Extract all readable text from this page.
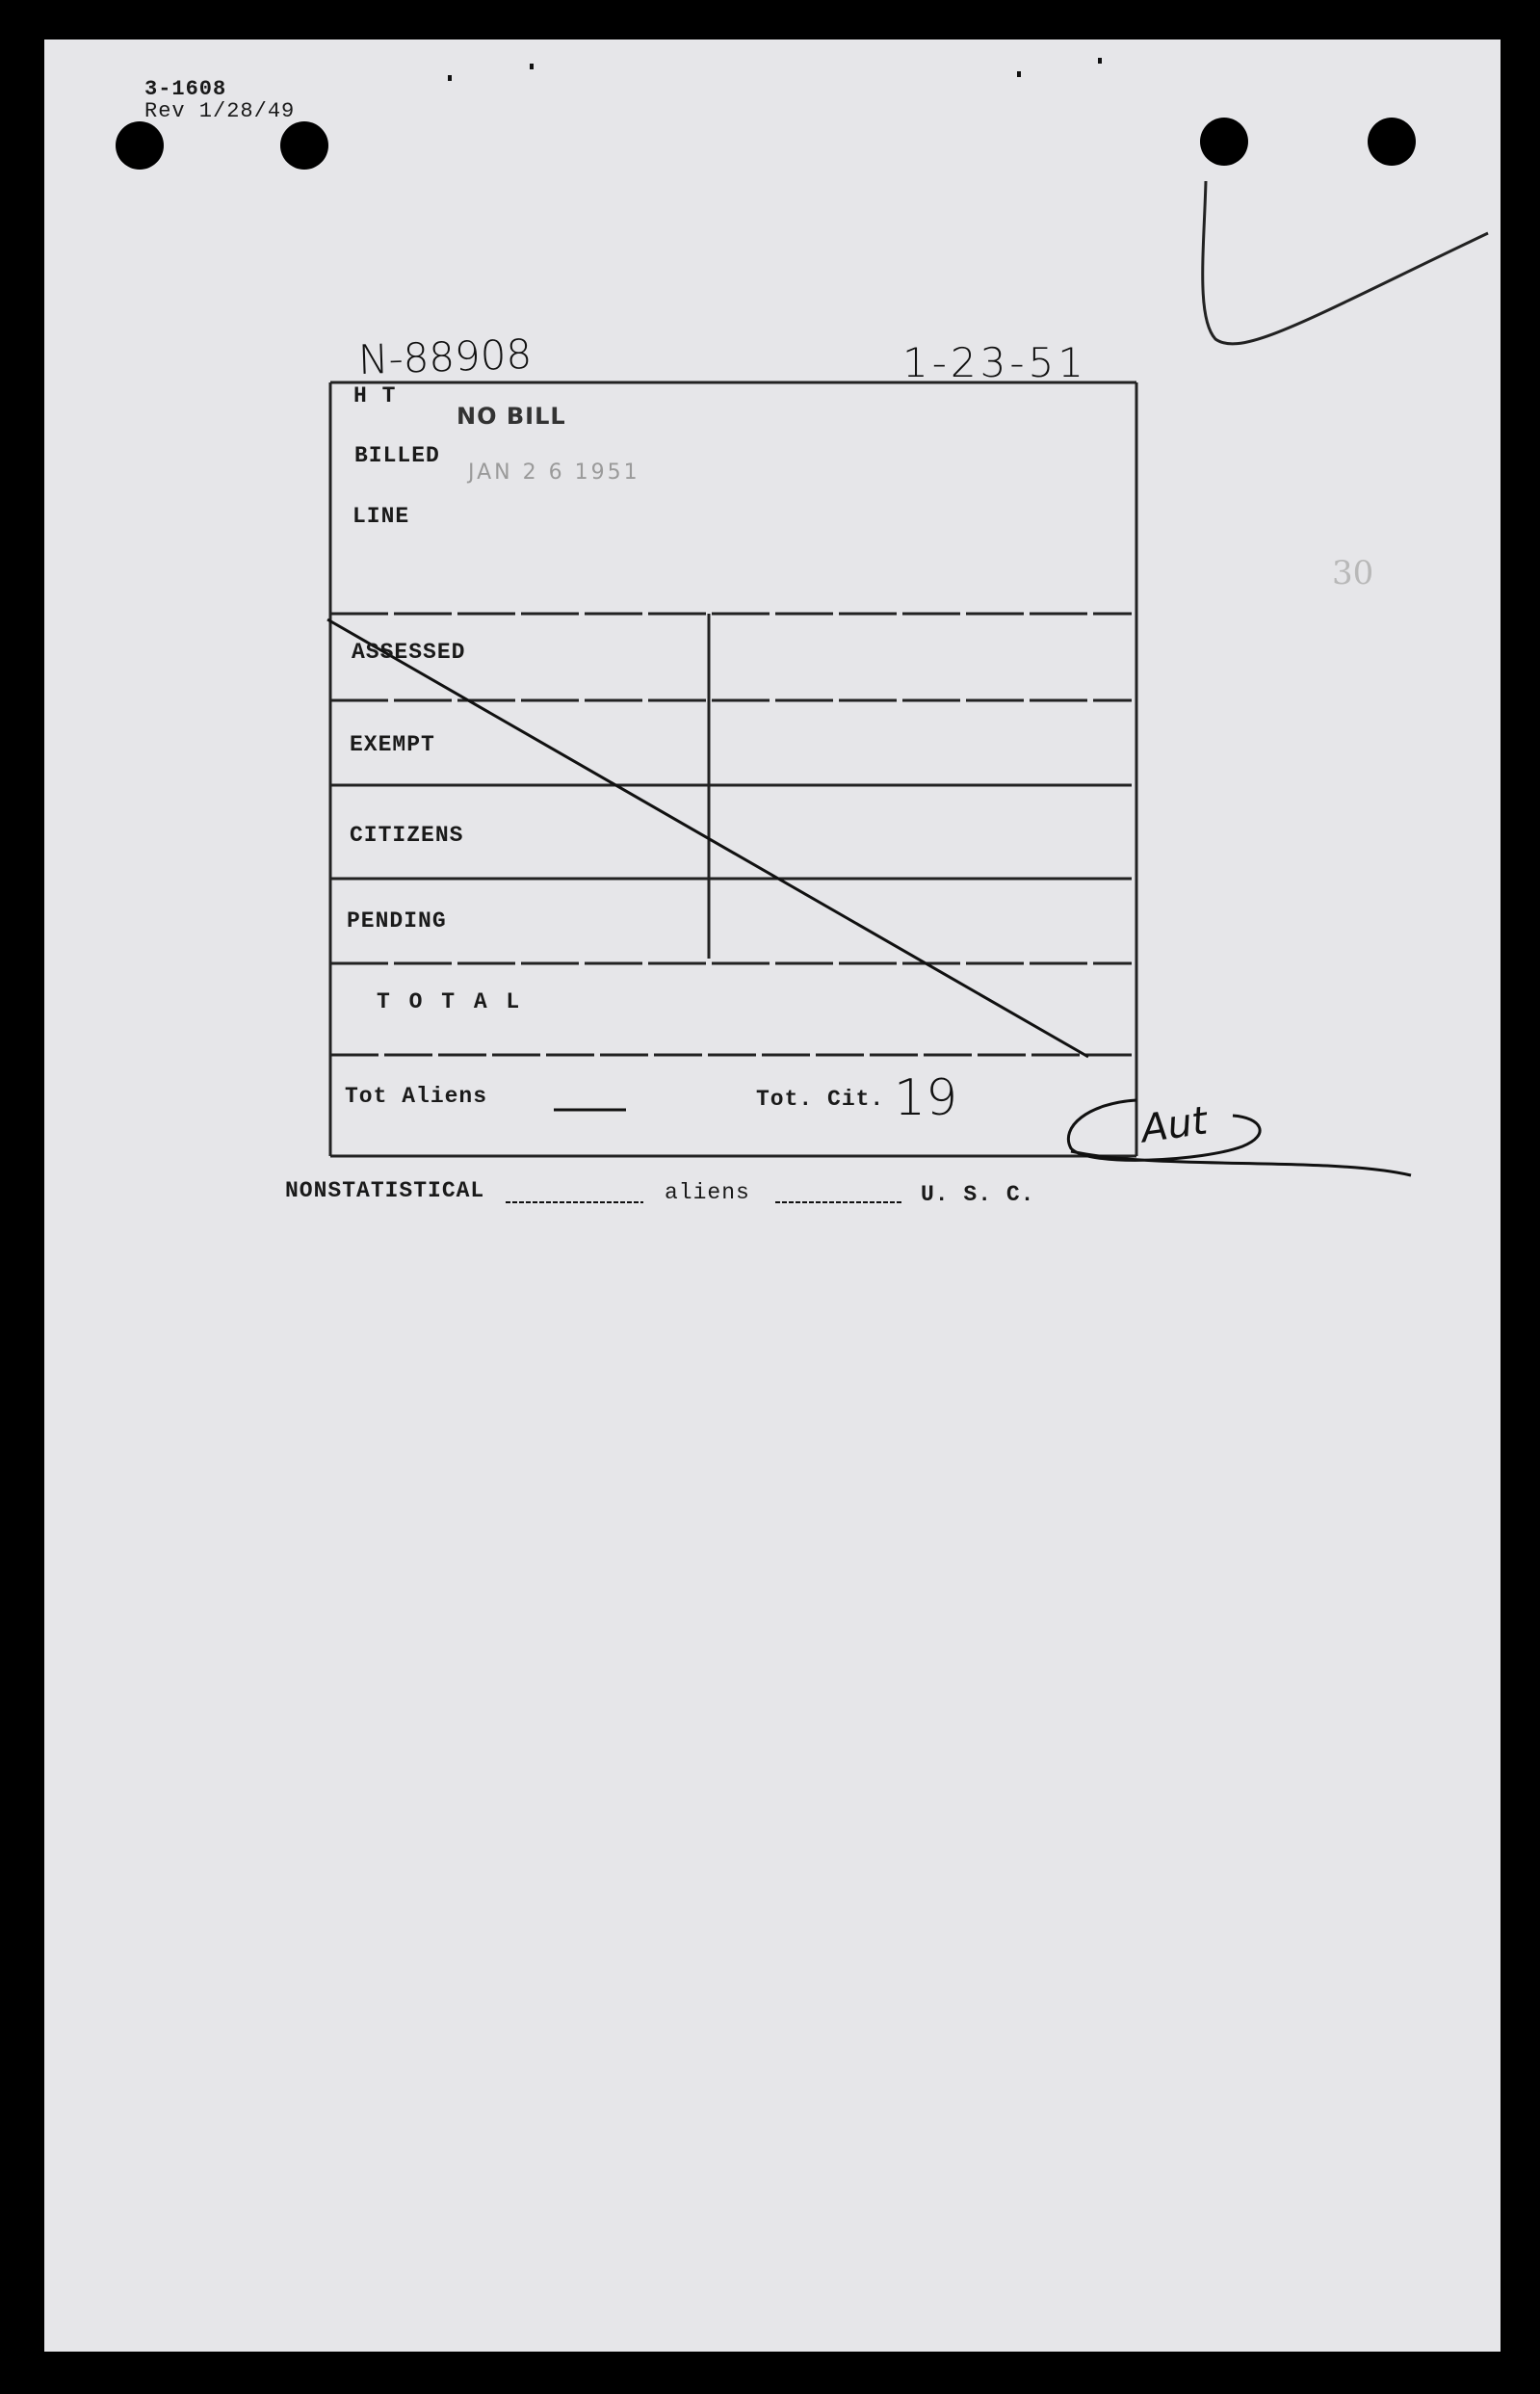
3-1608
Rev 1/28/49
N-88908	1-23-51
30
H T
NO BILL
BILLED
JAN 2 6 1951
LINE
ASSESSED
EXEMPT
CITIZENS
PENDING
T O T A L
Tot Aliens	Tot. Cit. 19	Aut
NONSTATISTICAL	aliens	U. S. C.
